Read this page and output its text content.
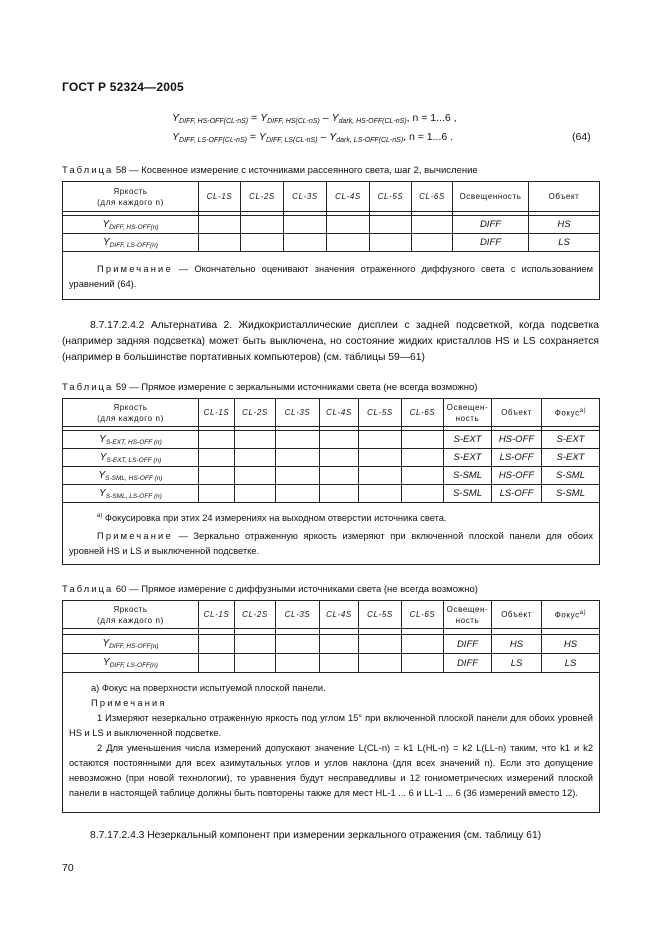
ГОСТ Р 52324—2005
$Y_{DIFF, HS-OFF(CL-nS)} = Y_{DIFF, HS(CL-nS)} - Y_{dark, HS-OFF(CL-nS)}$, n = 1...6 ,
$Y_{DIFF, LS-OFF(CL-nS)} = Y_{DIFF, LS(CL-nS)} - Y_{dark, LS-OFF(CL-nS)}$, n = 1...6 .	(64)
Таблица 58 — Косвенное измерение с источниками рассеянного света, шаг 2, вычисление
Яркость
(для каждого n)	CL-1S	CL-2S	CL-3S	CL-4S	CL-5S	CL-6S	Освещенность	Объект

$Y_{DIFF, HS-OFF(n)}$							DIFF	HS
$Y_{DIFF, LS-OFF(n)}$							DIFF	LS

Примечание — Окончательно оценивают значения отраженного диффузного света с использованием уравнений (64).								

8.7.17.2.4.2 Альтернатива 2. Жидкокристаллические дисплеи с задней подсветкой, когда подсветка (например задняя подсветка) может быть выключена, но состояние жидких кристаллов HS и LS сохраняется (например в большинстве портативных компьютеров) (см. таблицы 59—61)

Таблица 59 — Прямое измерение с зеркальными источниками света (не всегда возможно)
Яркость
(для каждого n)	CL-1S	CL-2S	CL-3S	CL-4S	CL-5S	CL-6S	Освещен-
ность	Объект	Фокус$^{а)}$

$Y_{S-EXT, HS-OFF (n)}$							S-EXT	HS-OFF	S-EXT
$Y_{S-EXT, LS-OFF (n)}$							S-EXT	LS-OFF	S-EXT
$Y_{S-SML, HS-OFF (n)}$							S-SML	HS-OFF	S-SML
$Y_{S-SML, LS-OFF (n)}$							S-SML	LS-OFF	S-SML

$^{а)}$ Фокусировка при этих 24 измерениях на выходном отверстии источника света.

Примечание — Зеркально отраженную яркость измеряют при включенной плоской панели для обоих уровней HS и LS и выключенной подсветке.									

Таблица 60 — Прямое измерение с диффузными источниками света (не всегда возможно)
Яркость
(для каждого n)	CL-1S	CL-2S	CL-3S	CL-4S	CL-5S	CL-6S	Освещен-
ность	Объект	Фокус$^{а)}$

$Y_{DIFF, HS-OFF(n)}$							DIFF	HS	HS
$Y_{DIFF, LS-OFF(n)}$							DIFF	LS	LS

а) Фокус на поверхности испытуемой плоской панели.

Примечания

1 Измеряют незеркально отраженную яркость под углом 15° при включенной плоской панели для обоих уровней HS и LS и выключенной подсветке.

2 Для уменьшения числа измерений допускают значение L(CL-n) = k1 L(HL-n) = k2 L(LL-n) таким, что k1 и k2 остаются постоянными для всех азимутальных углов и углов наклона (для всех значений n). Если это допущение невозможно (при новой технологии), то уравнения будут несправедливы и 12 гониометрических измерений плоской панели в настоящей таблице должны быть повторены также для мест HL-1 ... 6 и LL-1 ... 6 (36 измерений вместо 12).									

8.7.17.2.4.3 Незеркальный компонент при измерении зеркального отражения (см. таблицу 61)

70
